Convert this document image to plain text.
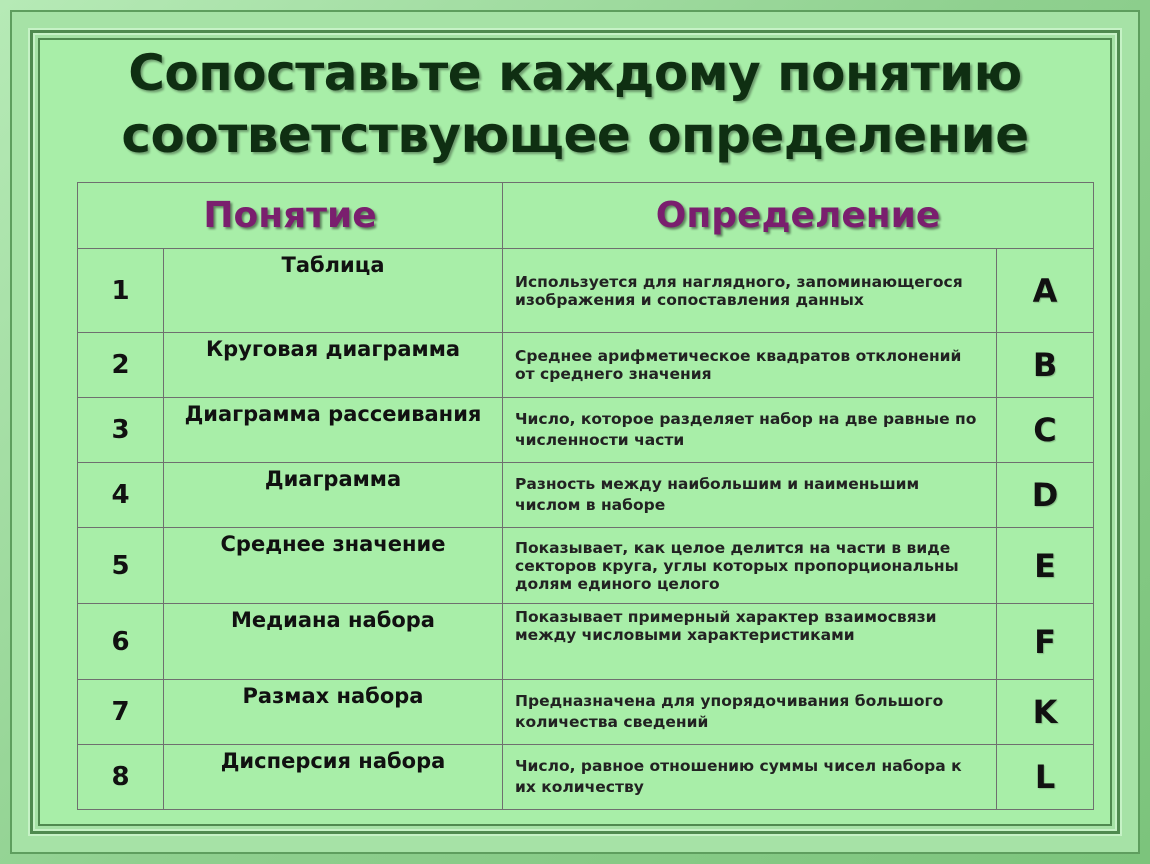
Сопоставьте каждому понятию
соответствующее определение
Понятие		Определение	
1	Таблица	Используется для наглядного, запоминающегося изображения и сопоставления данных	A
2	Круговая диаграмма	Среднее арифметическое квадратов отклонений от среднего значения	B
3	Диаграмма рассеивания	Число, которое разделяет набор на две равные по численности части	C
4	Диаграмма	Разность между наибольшим и наименьшим числом в наборе	D
5	Среднее значение	Показывает, как целое делится на части в виде секторов круга, углы которых пропорциональны долям единого целого	E
6	Медиана набора	Показывает примерный характер взаимосвязи между числовыми характеристиками	F
7	Размах набора	Предназначена для упорядочивания большого количества сведений	K
8	Дисперсия набора	Число, равное отношению суммы чисел набора к их количеству	L
